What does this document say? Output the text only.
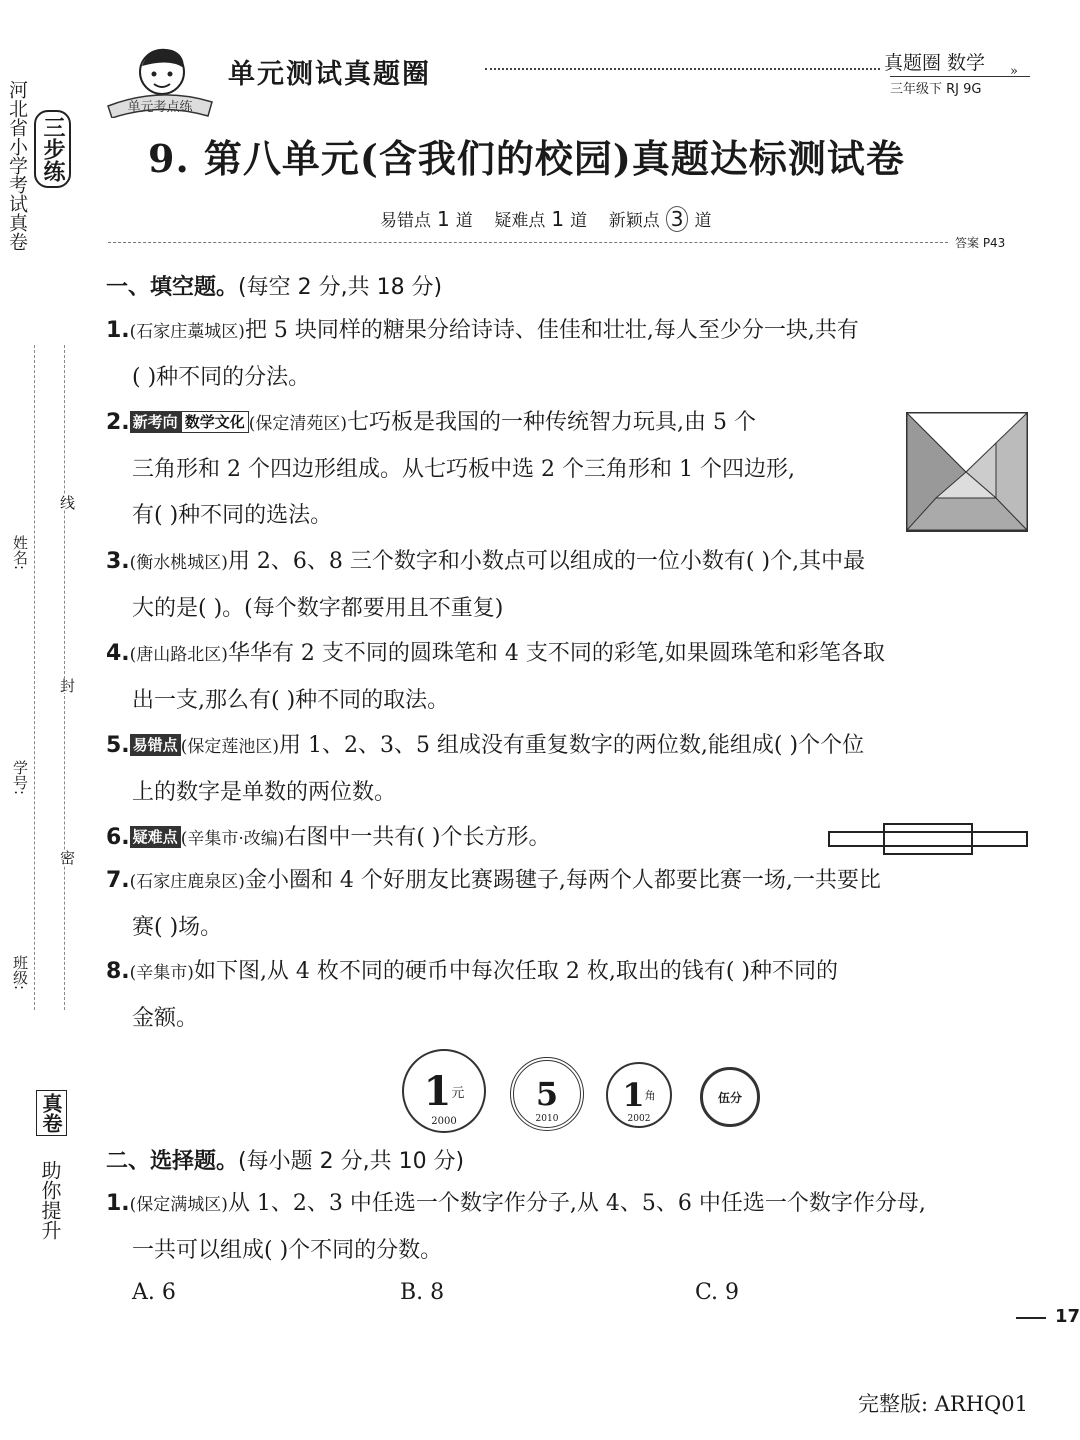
河北省小学考试真卷 三步练
姓名:
学号:
班级:
线
封
密
助你提升
真卷
单元考点练
单元测试真题圈	真题圈 数学 »
三年级下 RJ 9G
9. 第八单元(含我们的校园)真题达标测试卷
易错点 1 道 疑难点 1 道 新颖点 3 道
答案 P43
一、填空题。(每空 2 分,共 18 分)
1.(石家庄藁城区)把 5 块同样的糖果分给诗诗、佳佳和壮壮,每人至少分一块,共有
( )种不同的分法。
2. 新考向 数学文化 (保定清苑区)七巧板是我国的一种传统智力玩具,由 5 个
三角形和 2 个四边形组成。从七巧板中选 2 个三角形和 1 个四边形,
有( )种不同的选法。
3.(衡水桃城区)用 2、6、8 三个数字和小数点可以组成的一位小数有( )个,其中最
大的是( )。(每个数字都要用且不重复)
4.(唐山路北区)华华有 2 支不同的圆珠笔和 4 支不同的彩笔,如果圆珠笔和彩笔各取
出一支,那么有( )种不同的取法。
5. 易错点 (保定莲池区)用 1、2、3、5 组成没有重复数字的两位数,能组成( )个个位
上的数字是单数的两位数。
6. 疑难点 (辛集市·改编)右图中一共有( )个长方形。
7.(石家庄鹿泉区)金小圈和 4 个好朋友比赛踢毽子,每两个人都要比赛一场,一共要比
赛( )场。
8.(辛集市)如下图,从 4 枚不同的硬币中每次任取 2 枚,取出的钱有( )种不同的
金额。
1 元
2000
5
2010
1 角
2002
伍分
二、选择题。(每小题 2 分,共 10 分)
1.(保定满城区)从 1、2、3 中任选一个数字作分子,从 4、5、6 中任选一个数字作分母,
一共可以组成( )个不同的分数。
A. 6	B. 8	C. 9
17
完整版: ARHQ01
